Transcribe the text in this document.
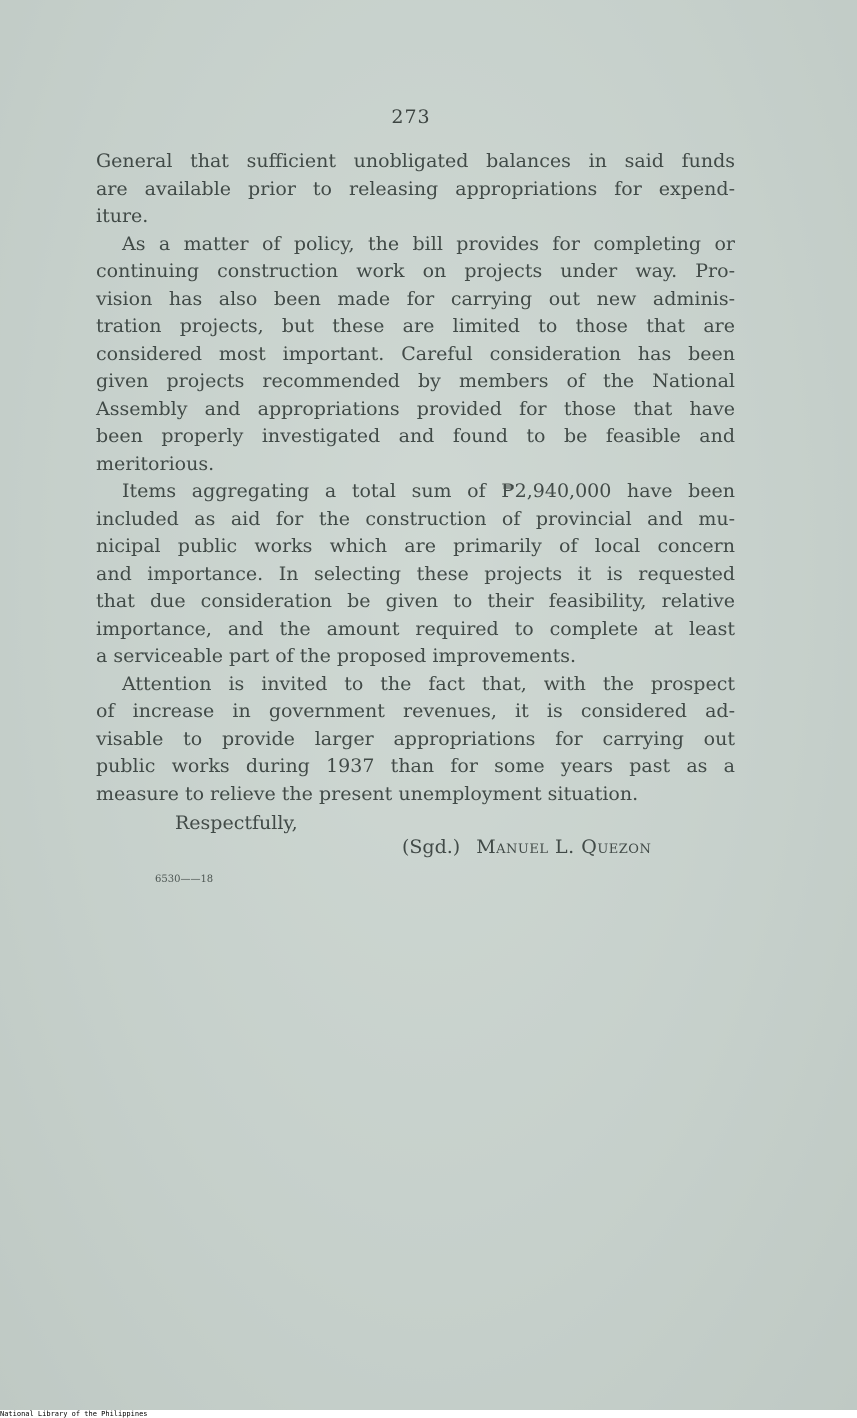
273
General that sufficient unobligated balances in said funds
are available prior to releasing appropriations for expend-
iture.
As a matter of policy, the bill provides for completing or
continuing construction work on projects under way. Pro-
vision has also been made for carrying out new adminis-
tration projects, but these are limited to those that are
considered most important. Careful consideration has been
given projects recommended by members of the National
Assembly and appropriations provided for those that have
been properly investigated and found to be feasible and
meritorious.
Items aggregating a total sum of ₱2,940,000 have been
included as aid for the construction of provincial and mu-
nicipal public works which are primarily of local concern
and importance. In selecting these projects it is requested
that due consideration be given to their feasibility, relative
importance, and the amount required to complete at least
a serviceable part of the proposed improvements.
Attention is invited to the fact that, with the prospect
of increase in government revenues, it is considered ad-
visable to provide larger appropriations for carrying out
public works during 1937 than for some years past as a
measure to relieve the present unemployment situation.
Respectfully,
(Sgd.) Manuel L. Quezon
6530——18
National Library of the Philippines
